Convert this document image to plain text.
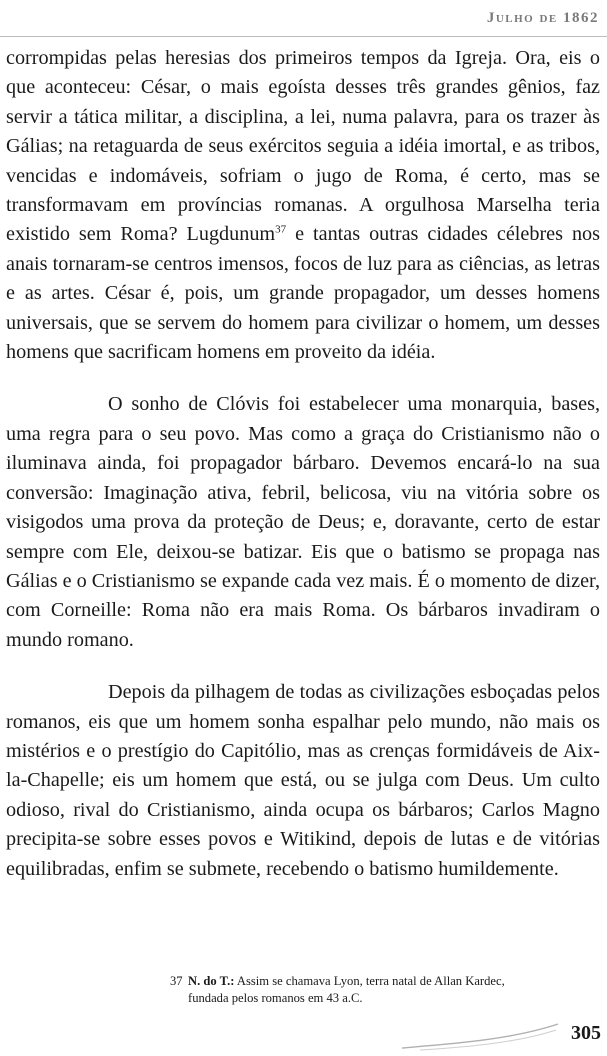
Julho de 1862

corrompidas pelas heresias dos primeiros tempos da Igreja. Ora, eis o que aconteceu: César, o mais egoísta desses três grandes gênios, faz servir a tática militar, a disciplina, a lei, numa palavra, para os trazer às Gálias; na retaguarda de seus exércitos seguia a idéia imortal, e as tribos, vencidas e indomáveis, sofriam o jugo de Roma, é certo, mas se transformavam em províncias romanas. A orgulhosa Marselha teria existido sem Roma? Lugdunum$^{37}$ e tantas outras cidades célebres nos anais tornaram-se centros imensos, focos de luz para as ciências, as letras e as artes. César é, pois, um grande propagador, um desses homens universais, que se servem do homem para civilizar o homem, um desses homens que sacrificam homens em proveito da idéia.

O sonho de Clóvis foi estabelecer uma monarquia, bases, uma regra para o seu povo. Mas como a graça do Cristianismo não o iluminava ainda, foi propagador bárbaro. Devemos encará-lo na sua conversão: Imaginação ativa, febril, belicosa, viu na vitória sobre os visigodos uma prova da proteção de Deus; e, doravante, certo de estar sempre com Ele, deixou-se batizar. Eis que o batismo se propaga nas Gálias e o Cristianismo se expande cada vez mais. É o momento de dizer, com Corneille: Roma não era mais Roma. Os bárbaros invadiram o mundo romano.

Depois da pilhagem de todas as civilizações esboçadas pelos romanos, eis que um homem sonha espalhar pelo mundo, não mais os mistérios e o prestígio do Capitólio, mas as crenças formidáveis de Aix-la-Chapelle; eis um homem que está, ou se julga com Deus. Um culto odioso, rival do Cristianismo, ainda ocupa os bárbaros; Carlos Magno precipita-se sobre esses povos e Witikind, depois de lutas e de vitórias equilibradas, enfim se submete, recebendo o batismo humildemente.

37 N. do T.: Assim se chamava Lyon, terra natal de Allan Kardec,
fundada pelos romanos em 43 a.C.
305
